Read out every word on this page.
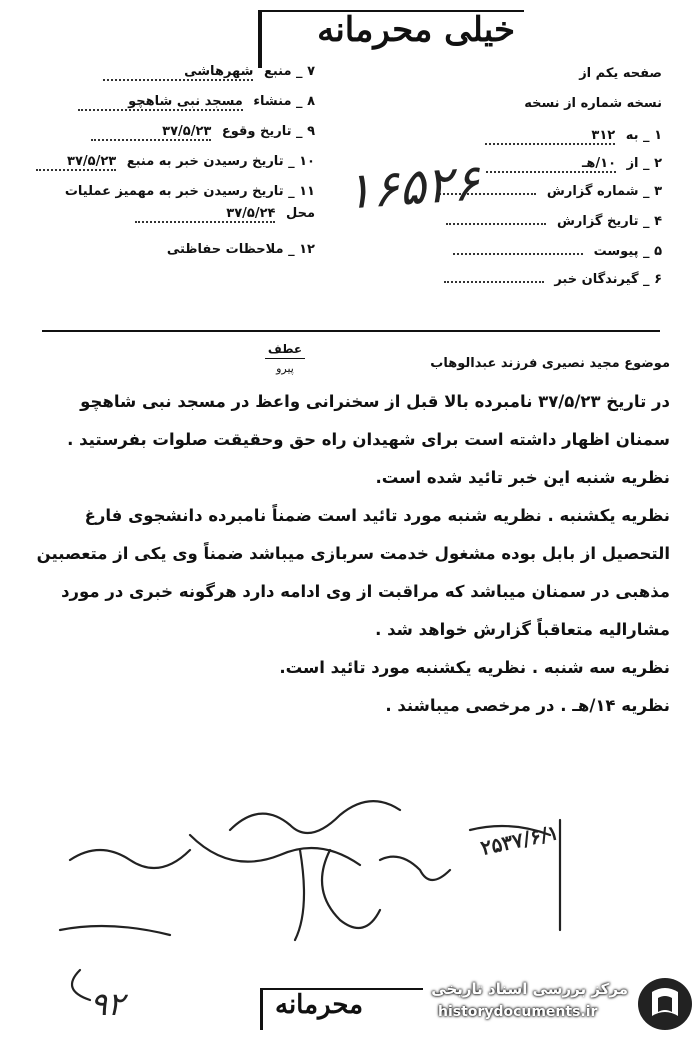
خیلی محرمانه
۷ _ منبع شهرهاشی
۸ _ منشاء مسجد نبی شاهچو
۹ _ تاریخ وقوع ۳۷/۵/۲۳
۱۰ _ تاریخ رسیدن خبر به منبع ۳۷/۵/۲۳
۱۱ _ تاریخ رسیدن خبر به مهمیز عملیات
محل ۳۷/۵/۲۴
۱۲ _ ملاحظات حفاظتی
صفحه یکم از
نسخه شماره از نسخه
۱ _ به ۳۱۲
۲ _ از ۱۰/هـ
۳ _ شماره گزارش
۴ _ تاریخ گزارش
۵ _ پیوست
۶ _ گیرندگان خبر
۱۶۵۲۶
عطف
پیرو	موضوع مجید نصیری فرزند عبدالوهاب
در تاریخ ۳۷/۵/۲۳ نامبرده بالا قبل از سخنرانی واعظ در مسجد نبی شاهچو
سمنان اظهار داشته است برای شهیدان راه حق وحقیقت صلوات بفرستید .
نظریه شنبه این خبر تائید شده است.
نظریه یکشنبه . نظریه شنبه مورد تائید است ضمناً نامبرده دانشجوی فارغ
التحصیل از بابل بوده مشغول خدمت سربازی میباشد ضمناً وی یکی از متعصبین
مذهبی در سمنان میباشد که مراقبت از وی ادامه دارد هرگونه خبری در مورد
مشارالیه متعاقباً گزارش خواهد شد .
نظریه سه شنبه . نظریه یکشنبه مورد تائید است.
نظریه ۱۴/هـ . در مرخصی میباشند .
۲۵۳۷/۶/۱
محرمانه
۹۲	مرکز بررسی اسناد تاریخی
historydocuments.ir
